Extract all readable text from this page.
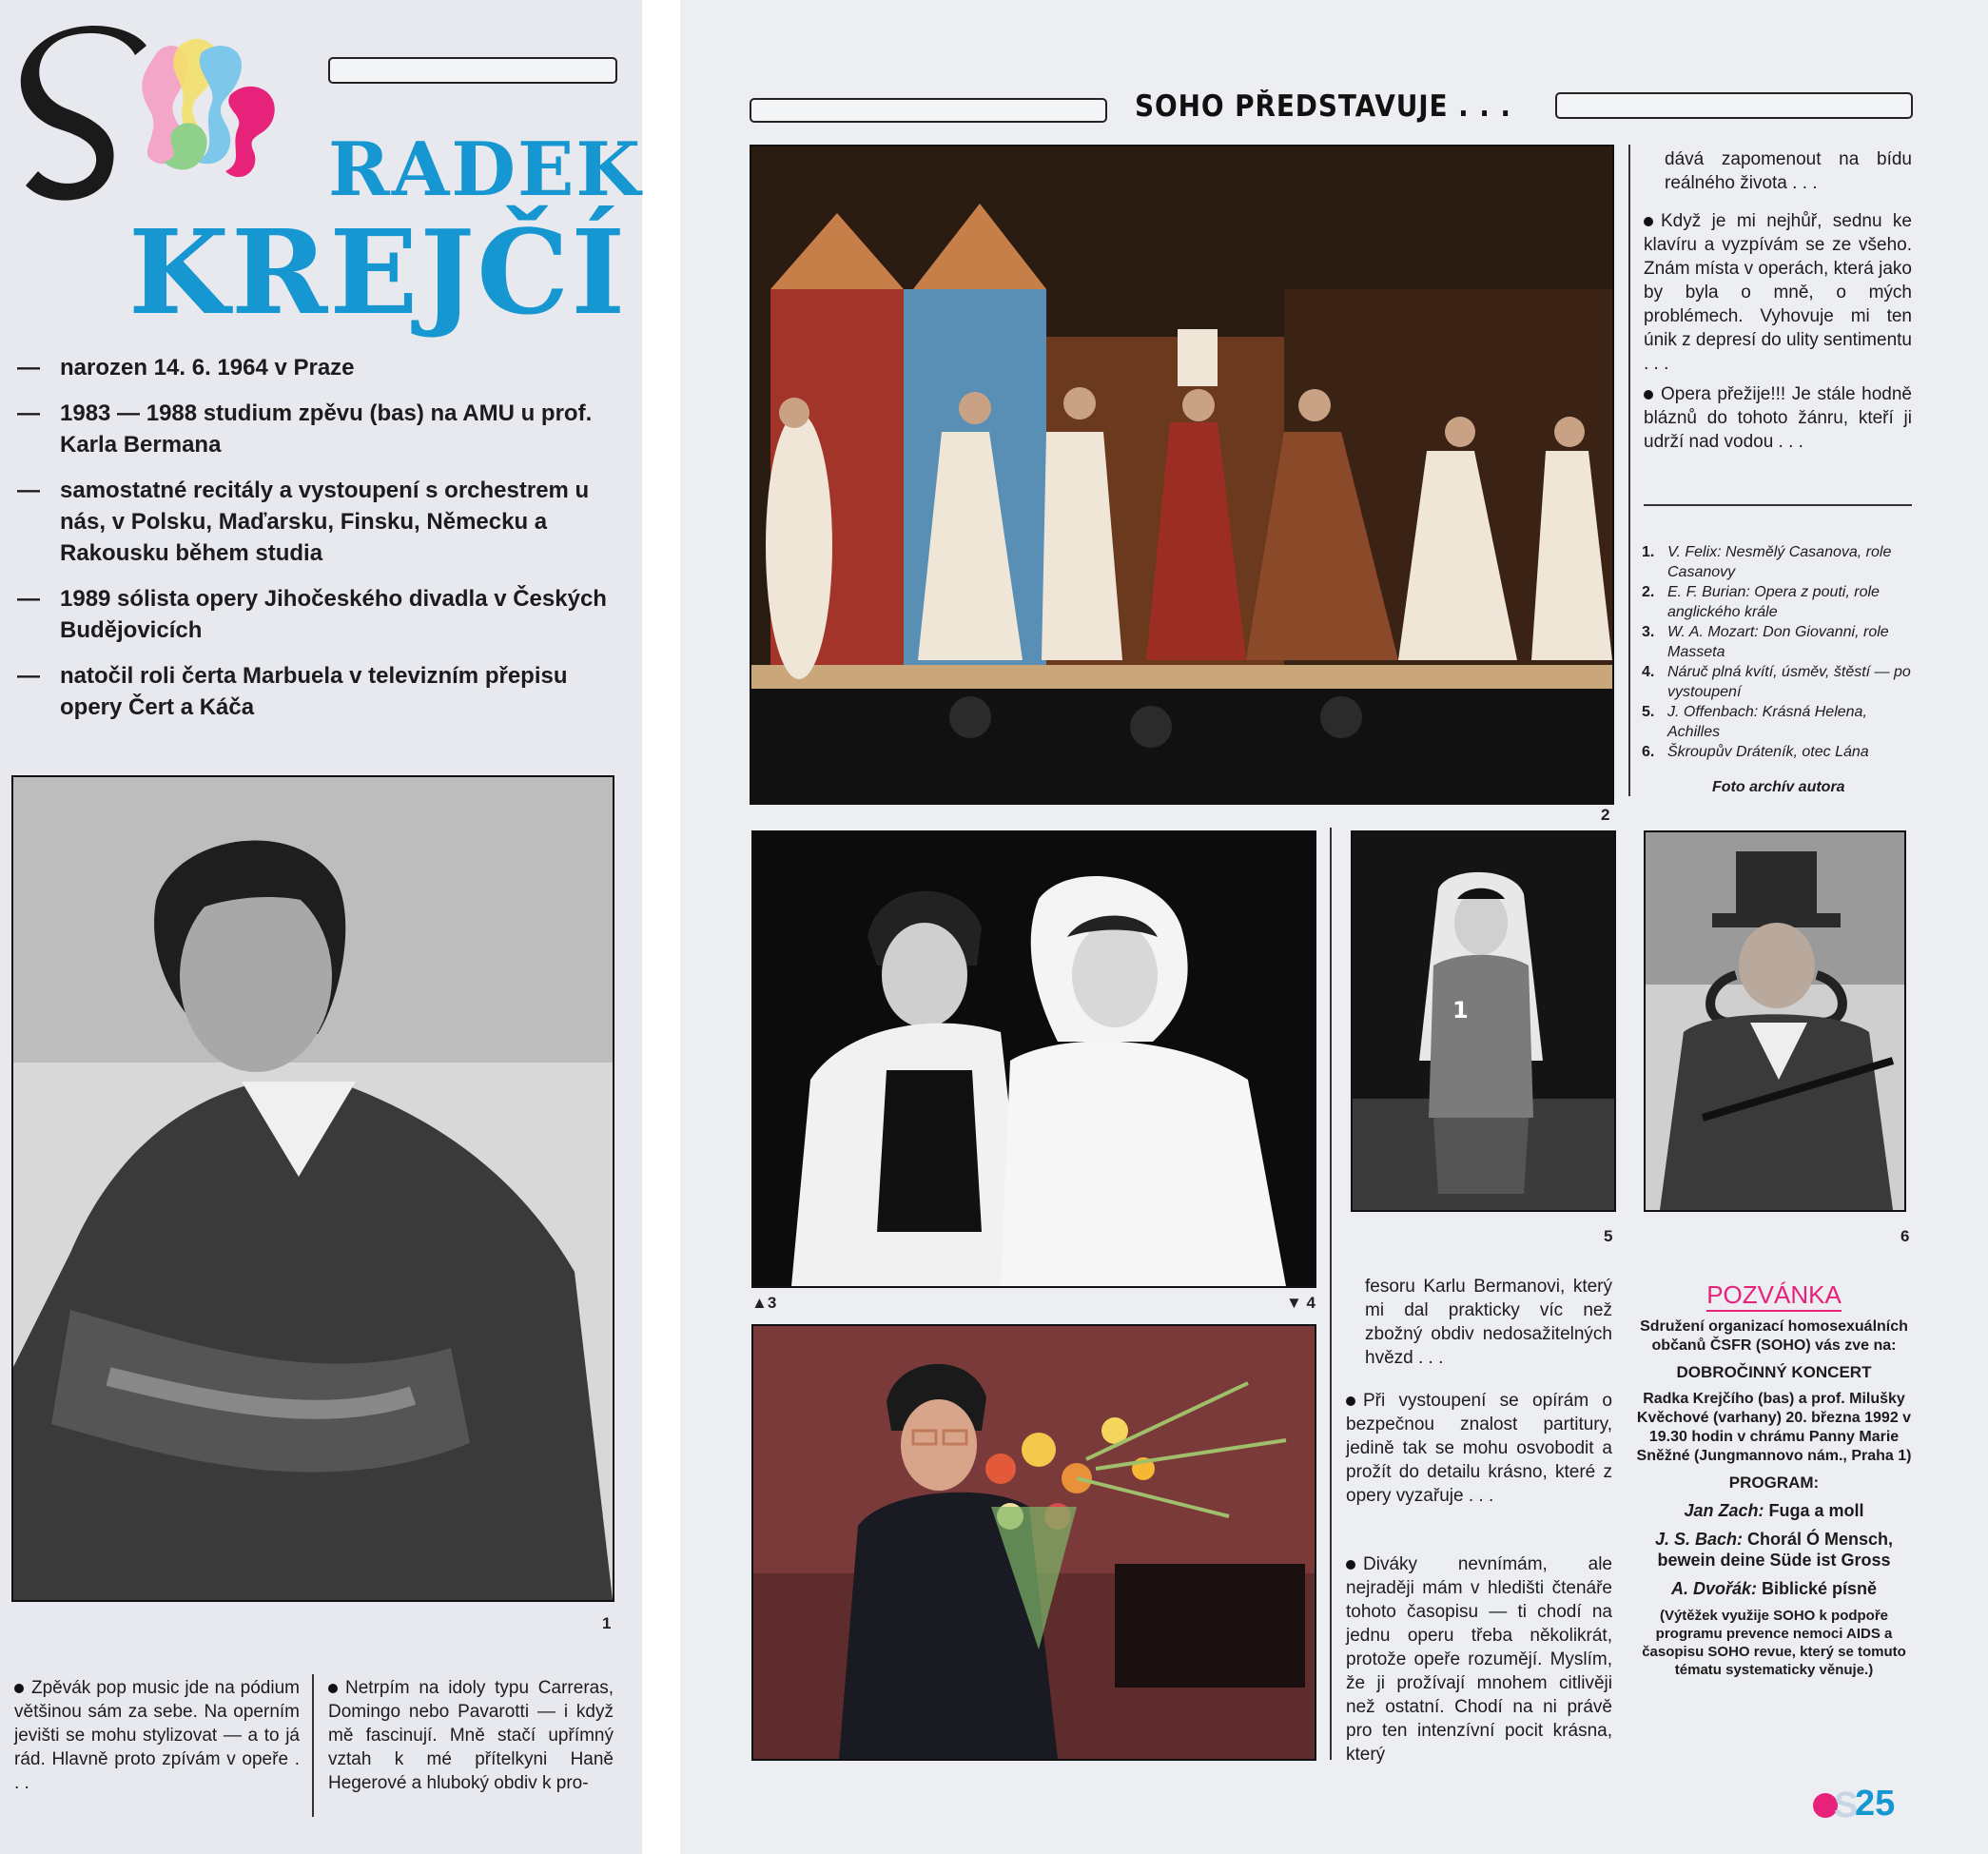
RADEK
KREJČÍ
— narozen 14. 6. 1964 v Praze
— 1983 — 1988 studium zpěvu (bas) na AMU u prof. Karla Bermana
— samostatné recitály a vystoupení s orchestrem u nás, v Polsku, Maďarsku, Finsku, Německu a Rakousku během studia
— 1989 sólista opery Jihočeského divadla v Českých Budějovicích
— natočil roli čerta Marbuela v televizním přepisu opery Čert a Káča
1
Zpěvák pop music jde na pódium většinou sám za sebe. Na operním jevišti se mohu stylizovat — a to já rád. Hlavně proto zpívám v opeře . . .
Netrpím na idoly typu Carreras, Domingo nebo Pavarotti — i když mě fascinují. Mně stačí upřímný vztah k mé přítelkyni Haně Hegerové a hluboký obdiv k pro-
SOHO PŘEDSTAVUJE . . .
2
dává zapomenout na bídu reálného života . . .
Když je mi nejhůř, sednu ke klavíru a vyzpívám se ze všeho. Znám místa v operách, která jako by byla o mně, o mých problémech. Vyhovuje mi ten únik z depresí do ulity sentimentu . . .
Opera přežije!!! Je stále hodně bláznů do tohoto žánru, kteří ji udrží nad vodou . . .
1. V. Felix: Nesmělý Casanova, role Casanovy
2. E. F. Burian: Opera z pouti, role anglického krále
3. W. A. Mozart: Don Giovanni, role Masseta
4. Náruč plná kvítí, úsměv, štěstí — po vystoupení
5. J. Offenbach: Krásná Helena, Achilles
6. Škroupův Dráteník, otec Lána
Foto archív autora
▲3	▼ 4
1
5	6
fesoru Karlu Bermanovi, který mi dal prakticky víc než zbožný obdiv nedosažitelných hvězd . . .
Při vystoupení se opírám o bezpečnou znalost partitury, jedině tak se mohu osvobodit a prožít do detailu krásno, které z opery vyzařuje . . .
Diváky nevnímám, ale nejraději mám v hledišti čtenáře tohoto časopisu — ti chodí na jednu operu třeba několikrát, protože opeře rozumějí. Myslím, že ji prožívají mnohem citlivěji než ostatní. Chodí na ni právě pro ten intenzívní pocit krásna, který
POZVÁNKA

Sdružení organizací homosexuálních občanů ČSFR (SOHO) vás zve na:

DOBROČINNÝ KONCERT

Radka Krejčího (bas) a prof. Milušky Kvěchové (varhany) 20. března 1992 v 19.30 hodin v chrámu Panny Marie Sněžné (Jungmannovo nám., Praha 1)

PROGRAM:

Jan Zach: Fuga a moll

J. S. Bach: Chorál Ó Mensch, bewein deine Süde ist Gross

A. Dvořák: Biblické písně

(Výtěžek využije SOHO k podpoře programu prevence nemoci AIDS a časopisu SOHO revue, který se tomuto tématu systematicky věnuje.)

S
25
